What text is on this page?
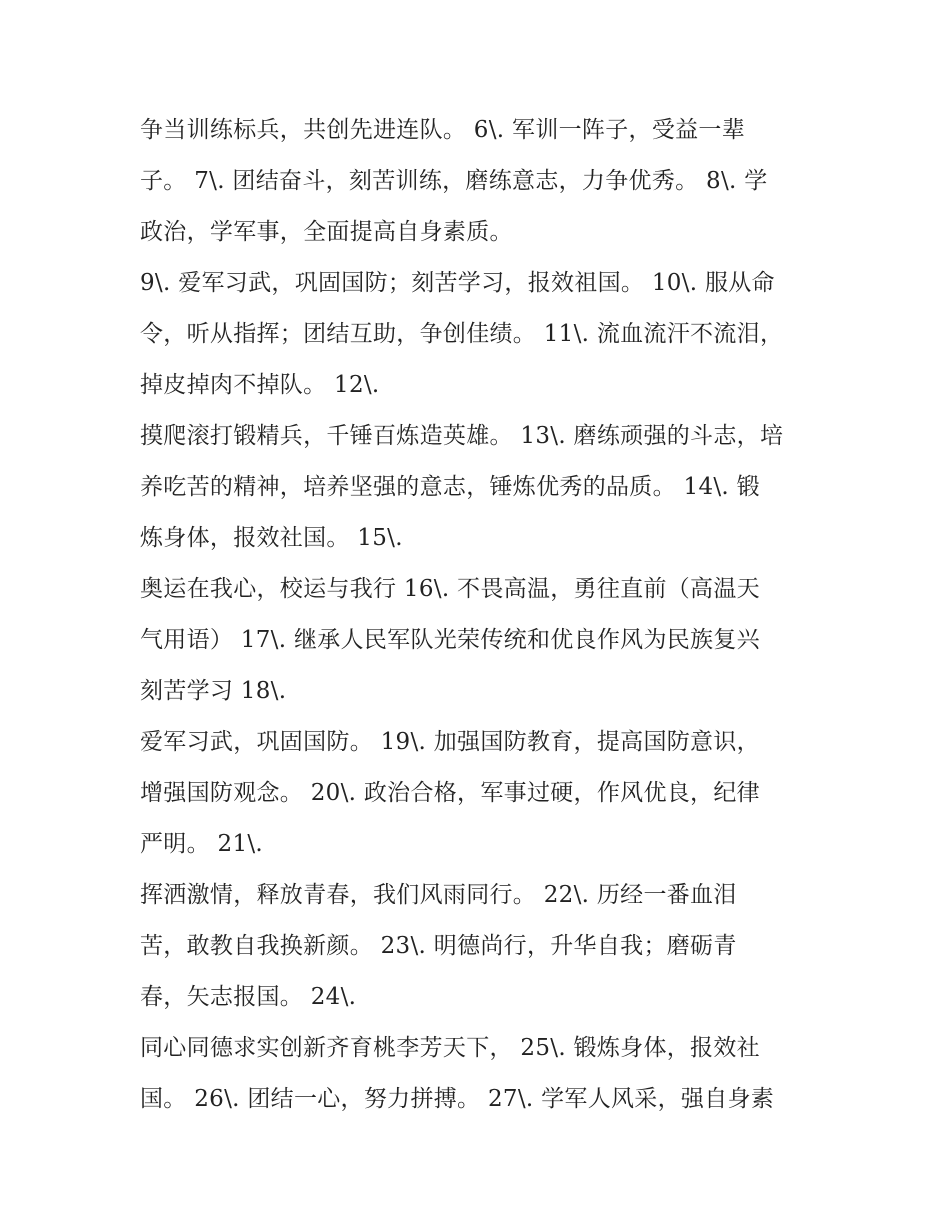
争当训练标兵，共创先进连队。 6\. 军训一阵子，受益一辈
子。 7\. 团结奋斗，刻苦训练，磨练意志，力争优秀。 8\. 学
政治，学军事，全面提高自身素质。
9\. 爱军习武，巩固国防；刻苦学习，报效祖国。 10\. 服从命
令，听从指挥；团结互助，争创佳绩。 11\. 流血流汗不流泪，
掉皮掉肉不掉队。 12\.
摸爬滚打锻精兵，千锤百炼造英雄。 13\. 磨练顽强的斗志，培
养吃苦的精神，培养坚强的意志，锤炼优秀的品质。 14\. 锻
炼身体，报效社国。 15\.
奥运在我心，校运与我行 16\. 不畏高温，勇往直前（高温天
气用语） 17\. 继承人民军队光荣传统和优良作风为民族复兴
刻苦学习 18\.
爱军习武，巩固国防。 19\. 加强国防教育，提高国防意识，
增强国防观念。 20\. 政治合格，军事过硬，作风优良，纪律
严明。 21\.
挥洒激情，释放青春，我们风雨同行。 22\. 历经一番血泪
苦，敢教自我换新颜。 23\. 明德尚行，升华自我；磨砺青
春，矢志报国。 24\.
同心同德求实创新齐育桃李芳天下， 25\. 锻炼身体，报效社
国。 26\. 团结一心，努力拼搏。 27\. 学军人风采，强自身素
